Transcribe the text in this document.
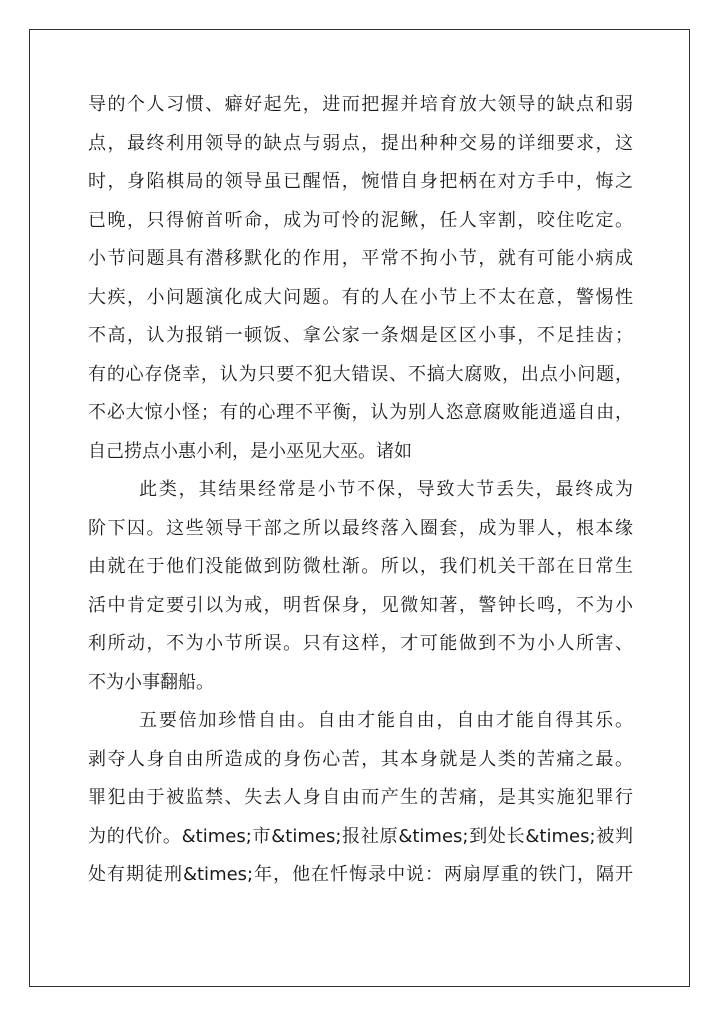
导的个人习惯、癖好起先，进而把握并培育放大领导的缺点和弱
点，最终利用领导的缺点与弱点，提出种种交易的详细要求，这
时，身陷棋局的领导虽已醒悟，惋惜自身把柄在对方手中，悔之
已晚，只得俯首听命，成为可怜的泥鳅，任人宰割，咬住吃定。
小节问题具有潜移默化的作用，平常不拘小节，就有可能小病成
大疾，小问题演化成大问题。有的人在小节上不太在意，警惕性
不高，认为报销一顿饭、拿公家一条烟是区区小事，不足挂齿；
有的心存侥幸，认为只要不犯大错误、不搞大腐败，出点小问题，
不必大惊小怪；有的心理不平衡，认为别人恣意腐败能逍遥自由，
自己捞点小惠小利，是小巫见大巫。诸如
此类，其结果经常是小节不保，导致大节丢失，最终成为
阶下囚。这些领导干部之所以最终落入圈套，成为罪人，根本缘
由就在于他们没能做到防微杜渐。所以，我们机关干部在日常生
活中肯定要引以为戒，明哲保身，见微知著，警钟长鸣，不为小
利所动，不为小节所误。只有这样，才可能做到不为小人所害、
不为小事翻船。
五要倍加珍惜自由。自由才能自由，自由才能自得其乐。
剥夺人身自由所造成的身伤心苦，其本身就是人类的苦痛之最。
罪犯由于被监禁、失去人身自由而产生的苦痛，是其实施犯罪行
为的代价。&times;市&times;报社原&times;到处长&times;被判
处有期徒刑&times;年，他在忏悔录中说：两扇厚重的铁门，隔开
